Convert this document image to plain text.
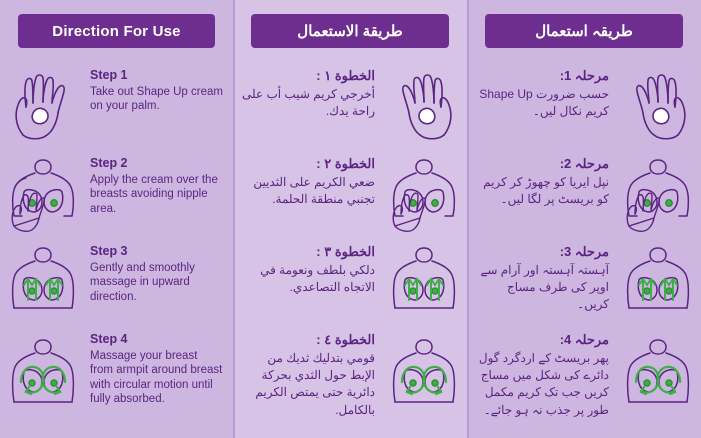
Direction For Use	طريقة الاستعمال	طریقہ استعمال

Step 1

Take out Shape Up cream on your palm.

الخطوة ١ :

أخرجي كريم شيب أب على راحة يدك.

مرحلہ 1:

حسب ضرورت Shape Up کریم نکال لیں۔

Step 2

Apply the cream over the breasts avoiding nipple area.

الخطوة ٢ :

ضعي الكريم على الثديين تجنبي منطقة الحلمة.

مرحلہ 2:

نپل ایریا کو چھوڑ کر کریم کو بریسٹ پر لگا لیں۔

Step 3

Gently and smoothly massage in upward direction.

الخطوة ٣ :

دلكي بلطف ونعومة في الاتجاه التصاعدي.

مرحلہ 3:

آہستہ آہستہ اور آرام سے اوپر کی طرف مساج کریں۔

Step 4

Massage your breast from armpit around breast with circular motion until fully absorbed.

الخطوة ٤ :

قومي بتدليك ثديك من الإبط حول الثدي بحركة دائرية حتى يمتص الكريم بالكامل.

مرحلہ 4:

پھر بریسٹ کے اردگرد گول دائرے کی شکل میں مساج کریں جب تک کریم مکمل طور پر جذب نہ ہو جائے۔
